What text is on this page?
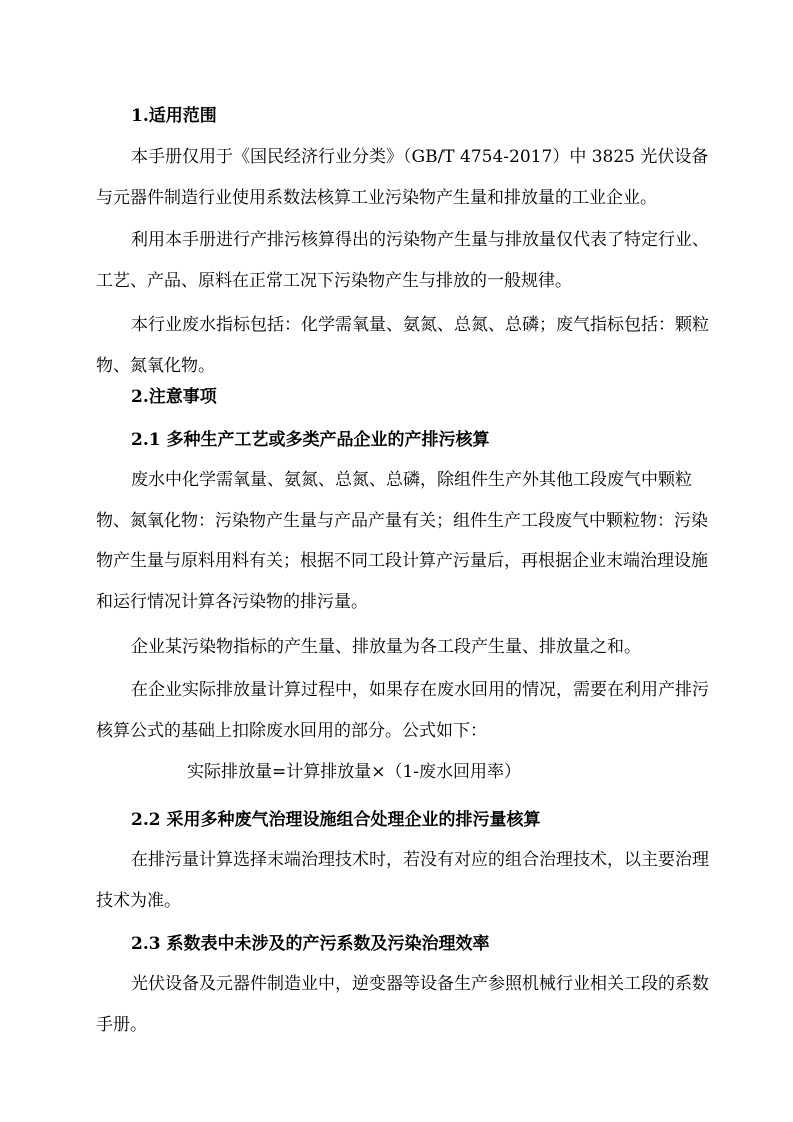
1.适用范围

本手册仅用于《国民经济行业分类》（GB/T 4754-2017）中 3825 光伏设备与元器件制造行业使用系数法核算工业污染物产生量和排放量的工业企业。

利用本手册进行产排污核算得出的污染物产生量与排放量仅代表了特定行业、工艺、产品、原料在正常工况下污染物产生与排放的一般规律。

本行业废水指标包括：化学需氧量、氨氮、总氮、总磷；废气指标包括：颗粒物、氮氧化物。

2.注意事项

2.1 多种生产工艺或多类产品企业的产排污核算

废水中化学需氧量、氨氮、总氮、总磷，除组件生产外其他工段废气中颗粒物、氮氧化物：污染物产生量与产品产量有关；组件生产工段废气中颗粒物：污染物产生量与原料用料有关；根据不同工段计算产污量后，再根据企业末端治理设施和运行情况计算各污染物的排污量。

企业某污染物指标的产生量、排放量为各工段产生量、排放量之和。

在企业实际排放量计算过程中，如果存在废水回用的情况，需要在利用产排污核算公式的基础上扣除废水回用的部分。公式如下：

实际排放量=计算排放量×（1-废水回用率）

2.2 采用多种废气治理设施组合处理企业的排污量核算

在排污量计算选择末端治理技术时，若没有对应的组合治理技术，以主要治理技术为准。

2.3 系数表中未涉及的产污系数及污染治理效率

光伏设备及元器件制造业中，逆变器等设备生产参照机械行业相关工段的系数手册。
